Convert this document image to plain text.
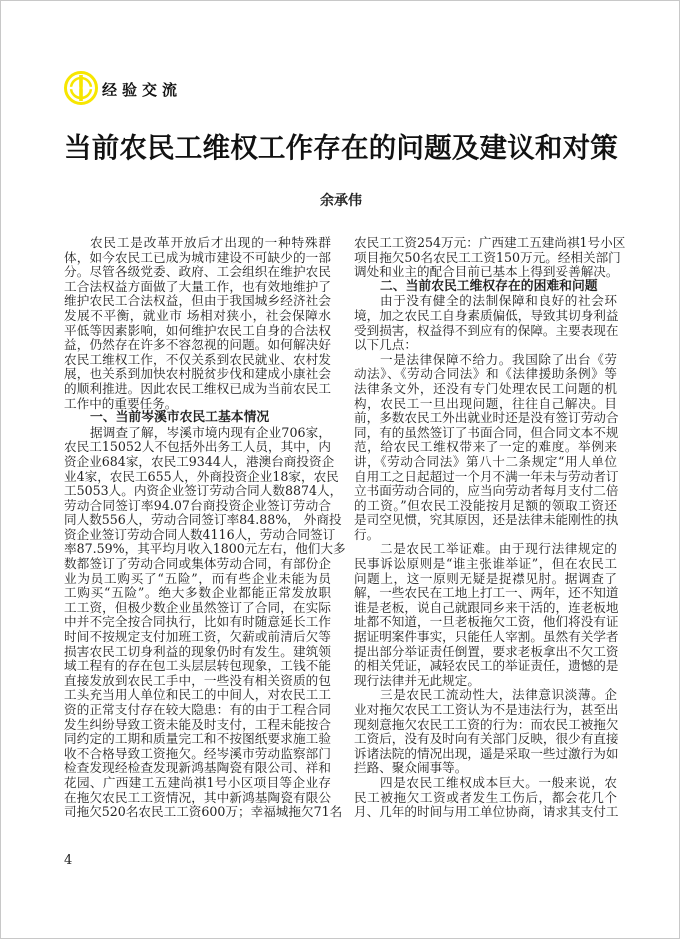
经验交流
当前农民工维权工作存在的问题及建议和对策
余承伟
农民工是改革开放后才出现的一种特殊群
体，如今农民工已成为城市建设不可缺少的一部
分。尽管各级党委、政府、工会组织在维护农民
工合法权益方面做了大量工作，也有效地维护了
维护农民工合法权益，但由于我国城乡经济社会
发展不平衡，就业市 场相对狭小，社会保障水
平低等因素影响，如何维护农民工自身的合法权
益，仍然存在许多不容忽视的问题。如何解决好
农民工维权工作，不仅关系到农民就业、农村发
展，也关系到加快农村脱贫步伐和建成小康社会
的顺利推进。因此农民工维权已成为当前农民工
工作中的重要任务。
一、当前岑溪市农民工基本情况
据调查了解，岑溪市境内现有企业706家，
农民工15052人不包括外出务工人员，其中，内
资企业684家，农民工9344人，港澳台商投资企
业4家，农民工655人，外商投资企业18家，农民
工5053人。内资企业签订劳动合同人数8874人，
劳动合同签订率94.07台商投资企业签订劳动合
同人数556人，劳动合同签订率84.88%， 外商投
资企业签订劳动合同人数4116人，劳动合同签订
率87.59%，其平均月收入1800元左右，他们大多
数都签订了劳动合同或集体劳动合同，有部份企
业为员工购买了“五险”，而有些企业未能为员
工购买“五险”。绝大多数企业都能正常发放职
工工资，但极少数企业虽然签订了合同，在实际
中并不完全按合同执行，比如有时随意延长工作
时间不按规定支付加班工资，欠薪或前清后欠等
损害农民工切身利益的现象仍时有发生。建筑领
域工程有的存在包工头层层转包现象，工钱不能
直接发放到农民工手中，一些没有相关资质的包
工头充当用人单位和民工的中间人，对农民工工
资的正常支付存在较大隐患：有的由于工程合同
发生纠纷导致工资未能及时支付，工程未能按合
同约定的工期和质量完工和不按图纸要求施工验
收不合格导致工资拖欠。经岑溪市劳动监察部门
检查发现经检查发现新鸿基陶瓷有限公司、祥和
花园、广西建工五建尚祺1号小区项目等企业存
在拖欠农民工工资情况，其中新鸿基陶瓷有限公
司拖欠520名农民工工资600万；幸福城拖欠71名
农民工工资254万元：广西建工五建尚祺1号小区
项目拖欠50名农民工工资150万元。经相关部门
调处和业主的配合目前已基本上得到妥善解决。
二、当前农民工维权存在的困难和问题
由于没有健全的法制保障和良好的社会环
境，加之农民工自身素质偏低，导致其切身利益
受到损害，权益得不到应有的保障。主要表现在
以下几点：
一是法律保障不给力。我国除了出台《劳
动法》、《劳动合同法》和《法律援助条例》等
法律条文外，还没有专门处理农民工问题的机
构，农民工一旦出现问题，往往自己解决。目
前，多数农民工外出就业时还是没有签订劳动合
同，有的虽然签订了书面合同，但合同文本不规
范，给农民工维权带来了一定的难度。举例来
讲，《劳动合同法》第八十二条规定“用人单位
自用工之日起超过一个月不满一年未与劳动者订
立书面劳动合同的，应当向劳动者每月支付二倍
的工资。”但农民工没能按月足额的领取工资还
是司空见惯，究其原因，还是法律未能刚性的执
行。
二是农民工举证难。由于现行法律规定的
民事诉讼原则是“谁主张谁举证”，但在农民工
问题上，这一原则无疑是捉襟见肘。据调查了
解，一些农民在工地上打工一、两年，还不知道
谁是老板，说自己就跟同乡来干活的，连老板地
址都不知道，一旦老板拖欠工资，他们将没有证
据证明案件事实，只能任人宰割。虽然有关学者
提出部分举证责任倒置，要求老板拿出不欠工资
的相关凭证，减轻农民工的举证责任，遗憾的是
现行法律并无此规定。
三是农民工流动性大，法律意识淡薄。企
业对拖欠农民工工资认为不是违法行为，甚至出
现刻意拖欠农民工工资的行为：而农民工被拖欠
工资后，没有及时向有关部门反映，很少有直接
诉诸法院的情况出现，遥是采取一些过激行为如
拦路、聚众闹事等。
四是农民工维权成本巨大。一般来说，农
民工被拖欠工资或者发生工伤后，都会花几个
月、几年的时间与用工单位协商，请求其支付工
4
